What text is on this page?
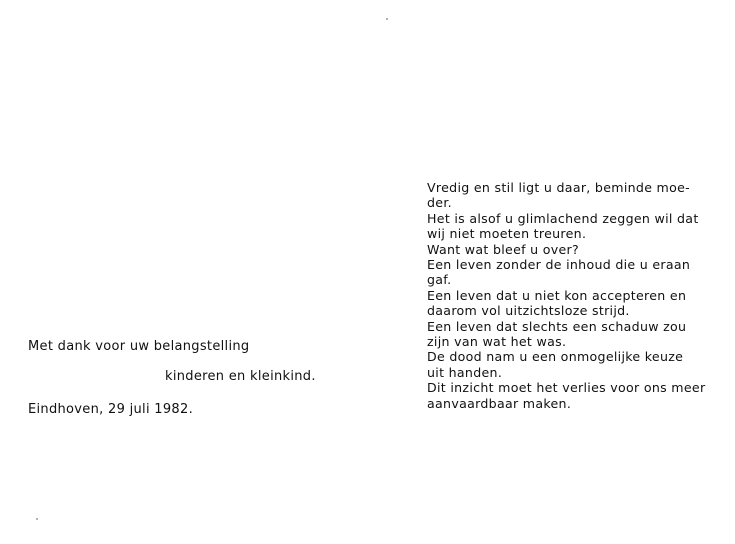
Met dank voor uw belangstelling
kinderen en kleinkind.
Eindhoven, 29 juli 1982.
Vredig en stil ligt u daar, beminde moe-
der.
Het is alsof u glimlachend zeggen wil dat
wij niet moeten treuren.
Want wat bleef u over?
Een leven zonder de inhoud die u eraan
gaf.
Een leven dat u niet kon accepteren en
daarom vol uitzichtsloze strijd.
Een leven dat slechts een schaduw zou
zijn van wat het was.
De dood nam u een onmogelijke keuze
uit handen.
Dit inzicht moet het verlies voor ons meer
aanvaardbaar maken.
